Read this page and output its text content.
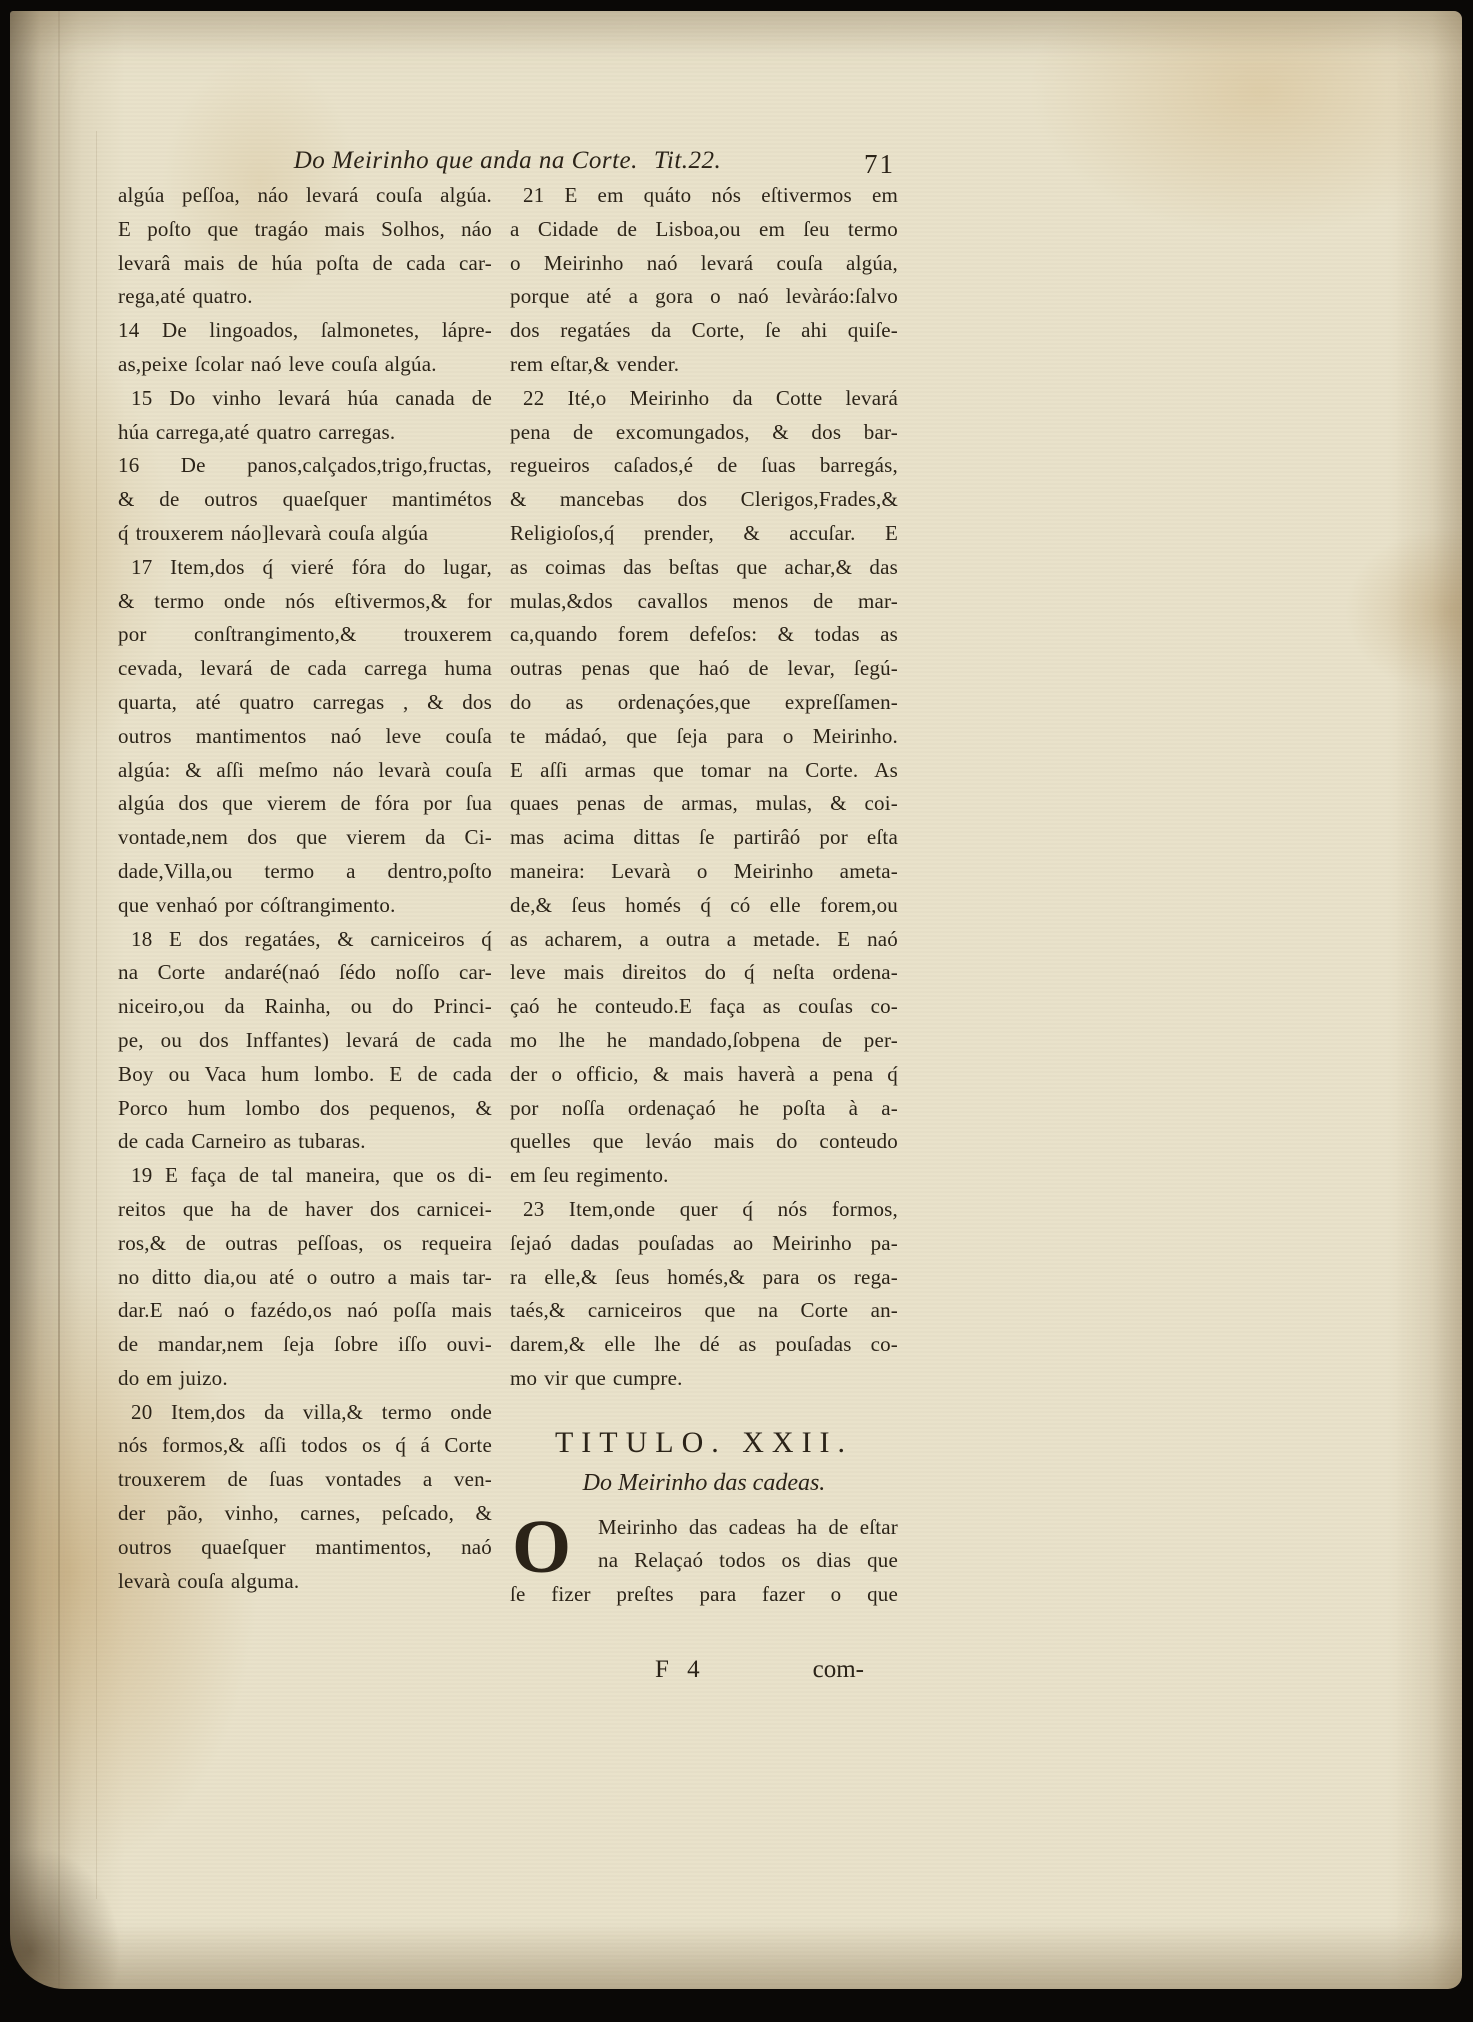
Do Meirinho que anda na Corte. Tit.22.	71
algúa peſſoa, náo levará couſa algúa.
E poſto que tragáo mais Solhos, náo
levarâ mais de húa poſta de cada car-
rega,até quatro.
14 De lingoados, ſalmonetes, lápre-
as,peixe ſcolar naó leve couſa algúa.
15 Do vinho levará húa canada de
húa carrega,até quatro carregas.
16 De panos,calçados,trigo,fructas,
& de outros quaeſquer mantimétos
q́ trouxerem náo]levarà couſa algúa
17 Item,dos q́ vieré fóra do lugar,
& termo onde nós eſtivermos,& for
por conſtrangimento,& trouxerem
cevada, levará de cada carrega huma
quarta, até quatro carregas , & dos
outros mantimentos naó leve couſa
algúa: & aſſi meſmo náo levarà couſa
algúa dos que vierem de fóra por ſua
vontade,nem dos que vierem da Ci-
dade,Villa,ou termo a dentro,poſto
que venhaó por cóſtrangimento.
18 E dos regatáes, & carniceiros q́
na Corte andaré(naó ſédo noſſo car-
niceiro,ou da Rainha, ou do Princi-
pe, ou dos Inffantes) levará de cada
Boy ou Vaca hum lombo. E de cada
Porco hum lombo dos pequenos, &
de cada Carneiro as tubaras.
19 E faça de tal maneira, que os di-
reitos que ha de haver dos carnicei-
ros,& de outras peſſoas, os requeira
no ditto dia,ou até o outro a mais tar-
dar.E naó o fazédo,os naó poſſa mais
de mandar,nem ſeja ſobre iſſo ouvi-
do em juizo.
20 Item,dos da villa,& termo onde
nós formos,& aſſi todos os q́ á Corte
trouxerem de ſuas vontades a ven-
der pão, vinho, carnes, peſcado, &
outros quaeſquer mantimentos, naó
levarà couſa alguma.
21 E em quáto nós eſtivermos em
a Cidade de Lisboa,ou em ſeu termo
o Meirinho naó levará couſa algúa,
porque até a gora o naó levàráo:ſalvo
dos regatáes da Corte, ſe ahi quiſe-
rem eſtar,& vender.
22 Ité,o Meirinho da Cotte levará
pena de excomungados, & dos bar-
regueiros caſados,é de ſuas barregás,
& mancebas dos Clerigos,Frades,&
Religioſos,q́ prender, & accuſar. E
as coimas das beſtas que achar,& das
mulas,&dos cavallos menos de mar-
ca,quando forem defeſos: & todas as
outras penas que haó de levar, ſegú-
do as ordenaçóes,que expreſſamen-
te mádaó, que ſeja para o Meirinho.
E aſſi armas que tomar na Corte. As
quaes penas de armas, mulas, & coi-
mas acima dittas ſe partirâó por eſta
maneira: Levarà o Meirinho ameta-
de,& ſeus homés q́ có elle forem,ou
as acharem, a outra a metade. E naó
leve mais direitos do q́ neſta ordena-
çaó he conteudo.E faça as couſas co-
mo lhe he mandado,ſobpena de per-
der o officio, & mais haverà a pena q́
por noſſa ordenaçaó he poſta à a-
quelles que leváo mais do conteudo
em ſeu regimento.
23 Item,onde quer q́ nós formos,
ſejaó dadas pouſadas ao Meirinho pa-
ra elle,& ſeus homés,& para os rega-
taés,& carniceiros que na Corte an-
darem,& elle lhe dé as pouſadas co-
mo vir que cumpre.
TITULO. XXII.
Do Meirinho das cadeas.
O	Meirinho das cadeas ha de eſtar
na Relaçaó todos os dias que
ſe fizer preſtes para fazer o que
F 4	com-
